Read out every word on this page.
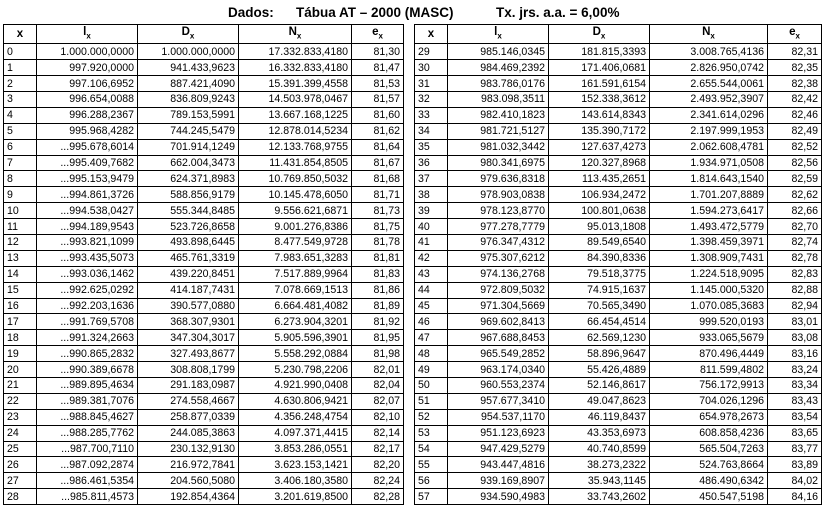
Dados: Tábua AT – 2000 (MASC)	Tx. jrs. a.a. = 6,00%
x	$l_x$	$D_x$	$N_x$	$e_x$
0	1.000.000,0000	1.000.000,0000	17.332.833,4180	81,30
1	997.920,0000	941.433,9623	16.332.833,4180	81,47
2	997.106,6952	887.421,4090	15.391.399,4558	81,53
3	996.654,0088	836.809,9243	14.503.978,0467	81,57
4	996.288,2367	789.153,5991	13.667.168,1225	81,60
5	995.968,4282	744.245,5479	12.878.014,5234	81,62
6	...995.678,6014	701.914,1249	12.133.768,9755	81,64
7	...995.409,7682	662.004,3473	11.431.854,8505	81,67
8	...995.153,9479	624.371,8983	10.769.850,5032	81,68
9	...994.861,3726	588.856,9179	10.145.478,6050	81,71
10	...994.538,0427	555.344,8485	9.556.621,6871	81,73
11	...994.189,9543	523.726,8658	9.001.276,8386	81,75
12	...993.821,1099	493.898,6445	8.477.549,9728	81,78
13	...993.435,5073	465.761,3319	7.983.651,3283	81,81
14	...993.036,1462	439.220,8451	7.517.889,9964	81,83
15	...992.625,0292	414.187,7431	7.078.669,1513	81,86
16	...992.203,1636	390.577,0880	6.664.481,4082	81,89
17	...991.769,5708	368.307,9301	6.273.904,3201	81,92
18	...991.324,2663	347.304,3017	5.905.596,3901	81,95
19	...990.865,2832	327.493,8677	5.558.292,0884	81,98
20	...990.389,6678	308.808,1799	5.230.798,2206	82,01
21	...989.895,4634	291.183,0987	4.921.990,0408	82,04
22	...989.381,7076	274.558,4667	4.630.806,9421	82,07
23	...988.845,4627	258.877,0339	4.356.248,4754	82,10
24	...988.285,7762	244.085,3863	4.097.371,4415	82,14
25	...987.700,7110	230.132,9130	3.853.286,0551	82,17
26	...987.092,2874	216.972,7841	3.623.153,1421	82,20
27	...986.461,5354	204.560,5080	3.406.180,3580	82,24
28	...985.811,4573	192.854,4364	3.201.619,8500	82,28
x	$l_x$	$D_x$	$N_x$	$e_x$
29	985.146,0345	181.815,3393	3.008.765,4136	82,31
30	984.469,2392	171.406,0681	2.826.950,0742	82,35
31	983.786,0176	161.591,6154	2.655.544,0061	82,38
32	983.098,3511	152.338,3612	2.493.952,3907	82,42
33	982.410,1823	143.614,8343	2.341.614,0296	82,46
34	981.721,5127	135.390,7172	2.197.999,1953	82,49
35	981.032,3442	127.637,4273	2.062.608,4781	82,52
36	980.341,6975	120.327,8968	1.934.971,0508	82,56
37	979.636,8318	113.435,2651	1.814.643,1540	82,59
38	978.903,0838	106.934,2472	1.701.207,8889	82,62
39	978.123,8770	100.801,0638	1.594.273,6417	82,66
40	977.278,7779	95.013,1808	1.493.472,5779	82,70
41	976.347,4312	89.549,6540	1.398.459,3971	82,74
42	975.307,6212	84.390,8336	1.308.909,7431	82,78
43	974.136,2768	79.518,3775	1.224.518,9095	82,83
44	972.809,5032	74.915,1637	1.145.000,5320	82,88
45	971.304,5669	70.565,3490	1.070.085,3683	82,94
46	969.602,8413	66.454,4514	999.520,0193	83,01
47	967.688,8453	62.569,1230	933.065,5679	83,08
48	965.549,2852	58.896,9647	870.496,4449	83,16
49	963.174,0340	55.426,4889	811.599,4802	83,24
50	960.553,2374	52.146,8617	756.172,9913	83,34
51	957.677,3410	49.047,8623	704.026,1296	83,43
52	954.537,1170	46.119,8437	654.978,2673	83,54
53	951.123,6923	43.353,6973	608.858,4236	83,65
54	947.429,5279	40.740,8599	565.504,7263	83,77
55	943.447,4816	38.273,2322	524.763,8664	83,89
56	939.169,8907	35.943,1145	486.490,6342	84,02
57	934.590,4983	33.743,2602	450.547,5198	84,16
